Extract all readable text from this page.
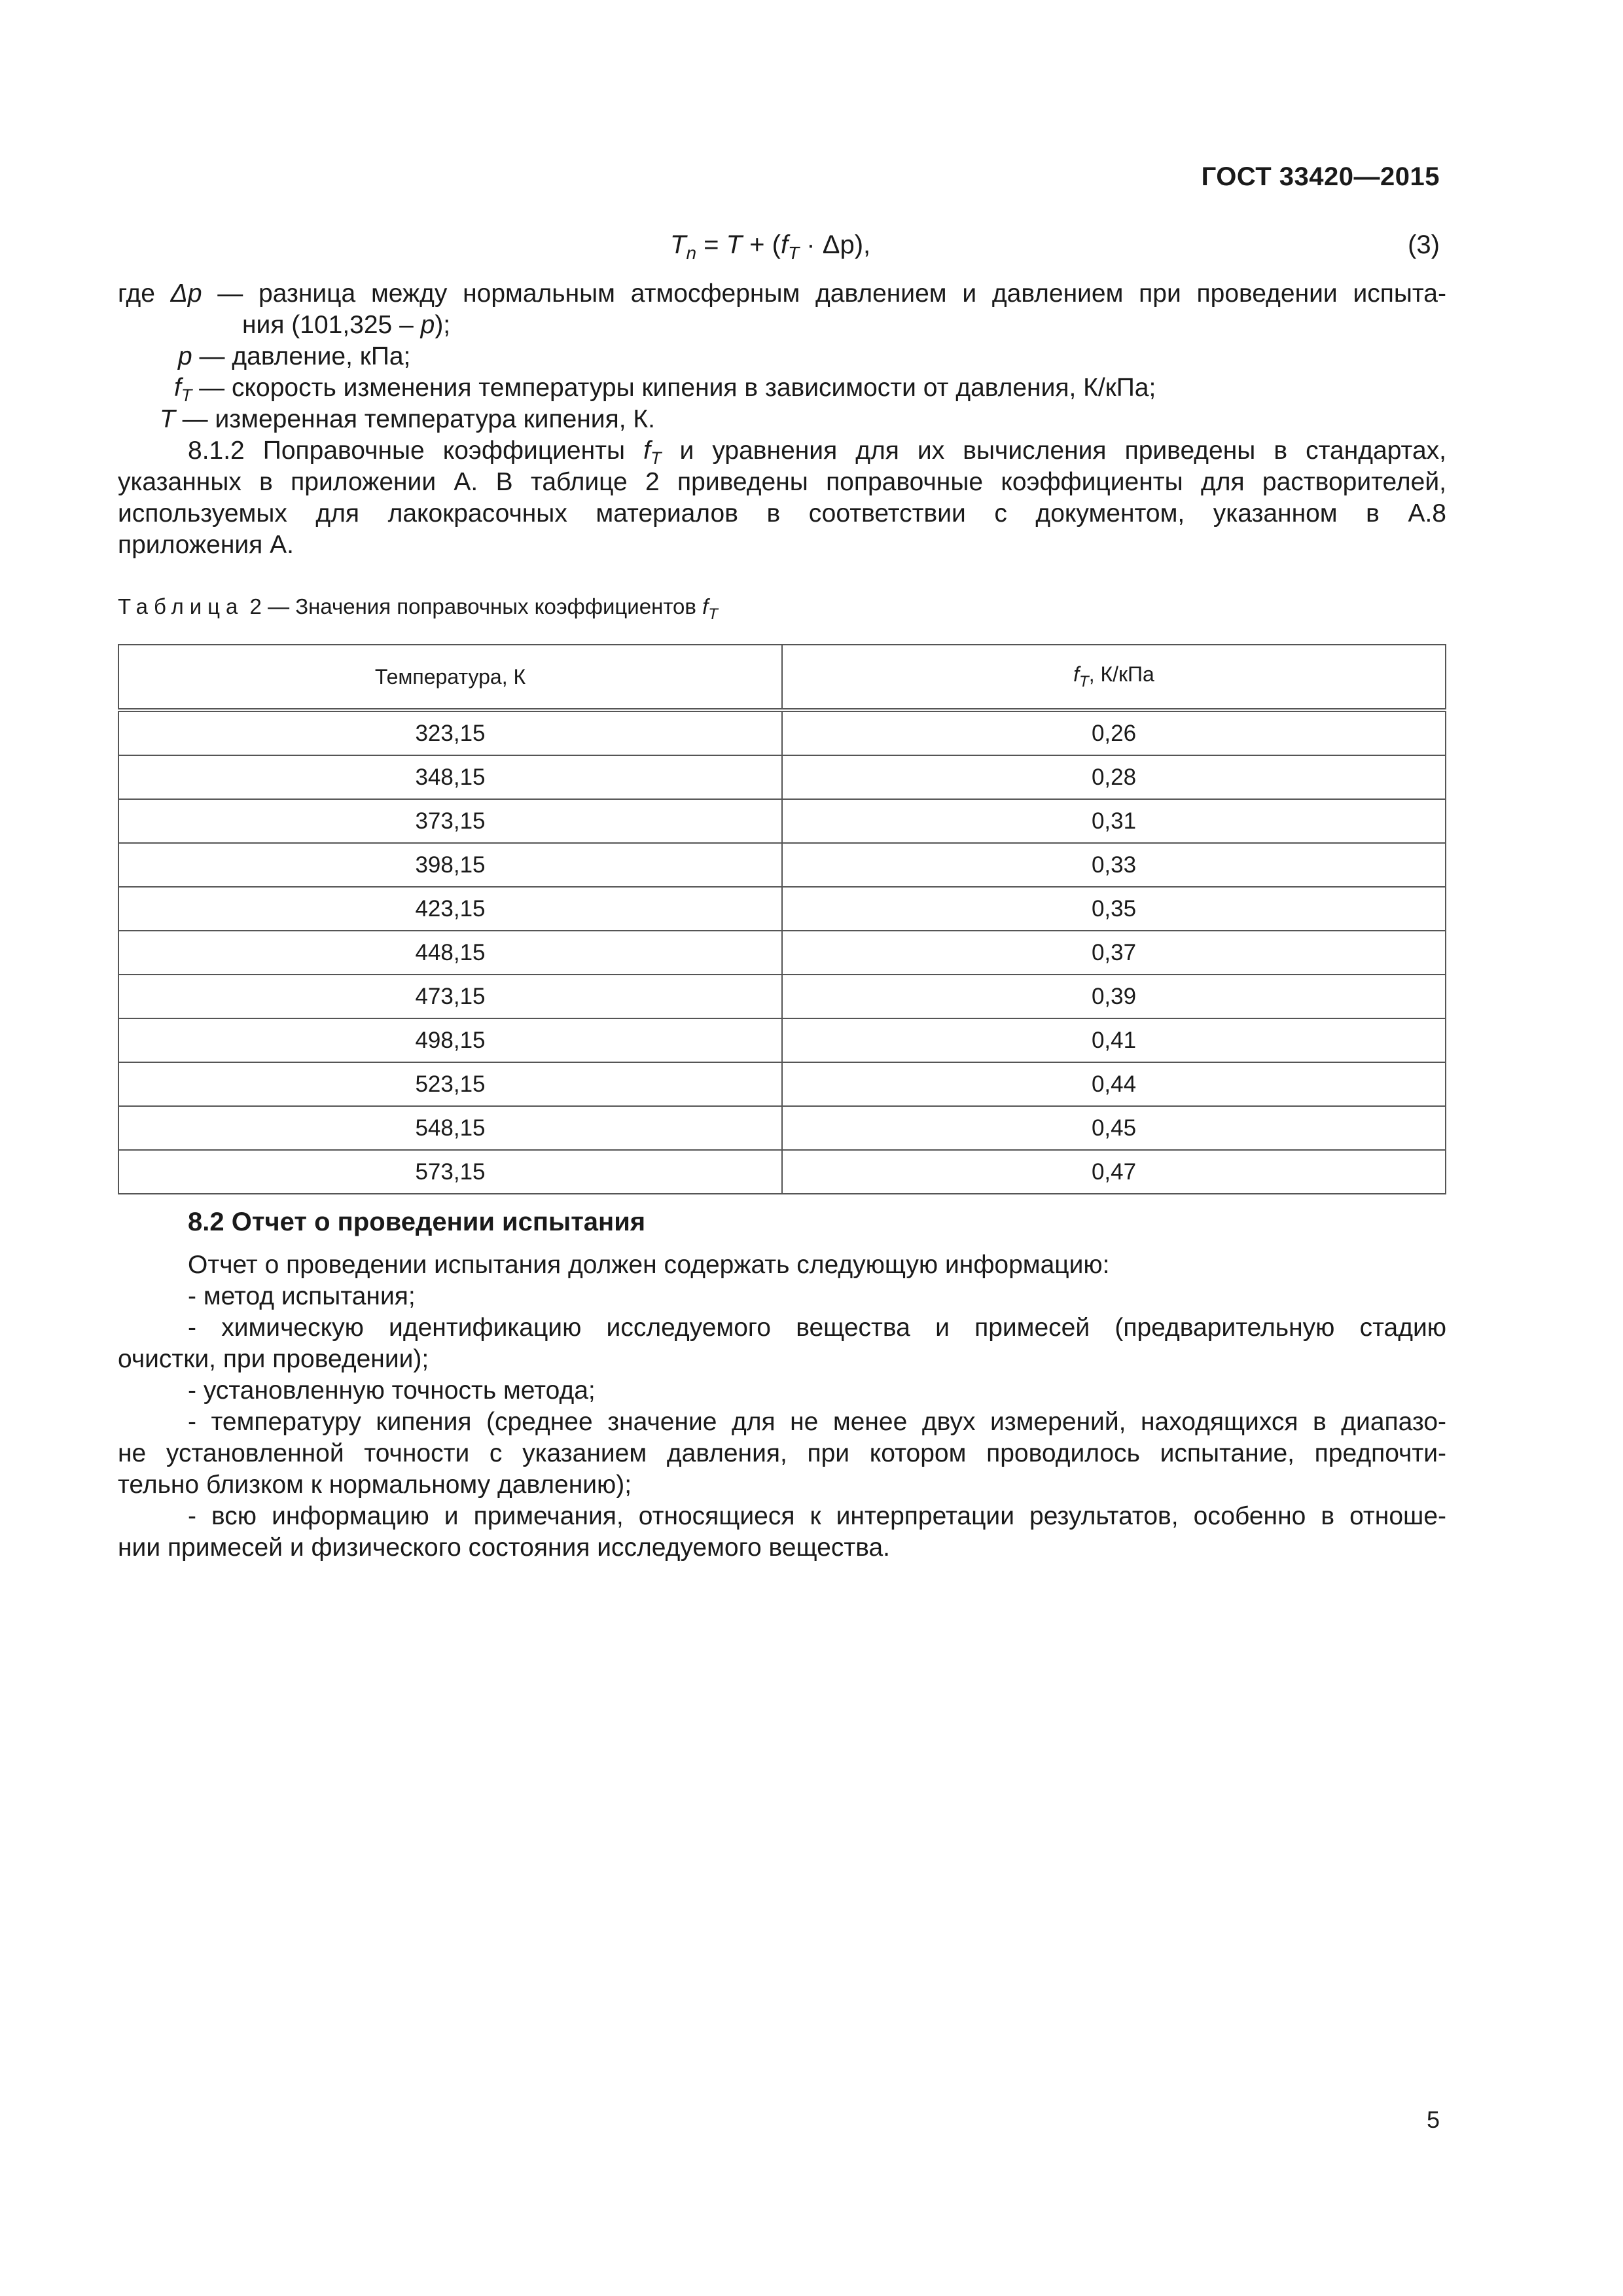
ГОСТ 33420—2015
$T_n = T + (f_T \cdot \Delta p)$,	(3)
где Δp — разница между нормальным атмосферным давлением и давлением при проведении испыта-
ния (101,325 – p);
p — давление, кПа;
$f_T$ — скорость изменения температуры кипения в зависимости от давления, К/кПа;
T — измеренная температура кипения, К.
8.1.2 Поправочные коэффициенты $f_T$ и уравнения для их вычисления приведены в стандартах,
указанных в приложении А. В таблице 2 приведены поправочные коэффициенты для растворителей,
используемых для лакокрасочных материалов в соответствии с документом, указанном в А.8
приложения А.
Таблица 2 — Значения поправочных коэффициентов $f_T$
Температура, К	$f_T$, К/кПа
323,15	0,26
348,15	0,28
373,15	0,31
398,15	0,33
423,15	0,35
448,15	0,37
473,15	0,39
498,15	0,41
523,15	0,44
548,15	0,45
573,15	0,47
8.2 Отчет о проведении испытания
Отчет о проведении испытания должен содержать следующую информацию:
- метод испытания;
- химическую идентификацию исследуемого вещества и примесей (предварительную стадию
очистки, при проведении);
- установленную точность метода;
- температуру кипения (среднее значение для не менее двух измерений, находящихся в диапазо-
не установленной точности с указанием давления, при котором проводилось испытание, предпочти-
тельно близком к нормальному давлению);
- всю информацию и примечания, относящиеся к интерпретации результатов, особенно в отноше-
нии примесей и физического состояния исследуемого вещества.
5
